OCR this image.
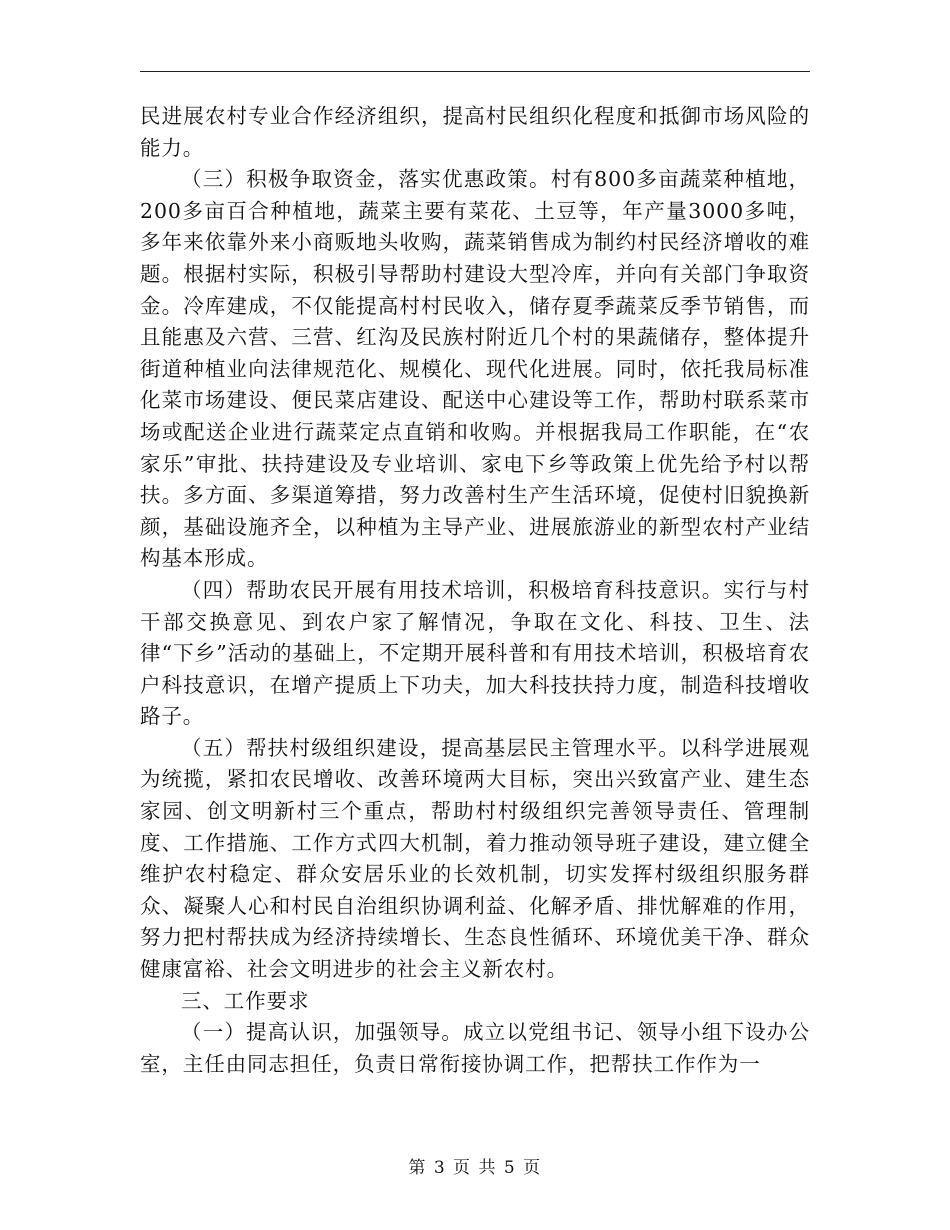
民进展农村专业合作经济组织，提高村民组织化程度和抵御市场风险的能力。

（三）积极争取资金，落实优惠政策。村有800多亩蔬菜种植地，200多亩百合种植地，蔬菜主要有菜花、土豆等，年产量3000多吨，多年来依靠外来小商贩地头收购，蔬菜销售成为制约村民经济增收的难题。根据村实际，积极引导帮助村建设大型冷库，并向有关部门争取资金。冷库建成，不仅能提高村村民收入，储存夏季蔬菜反季节销售，而且能惠及六营、三营、红沟及民族村附近几个村的果蔬储存，整体提升街道种植业向法律规范化、规模化、现代化进展。同时，依托我局标准化菜市场建设、便民菜店建设、配送中心建设等工作，帮助村联系菜市场或配送企业进行蔬菜定点直销和收购。并根据我局工作职能，在“农家乐”审批、扶持建设及专业培训、家电下乡等政策上优先给予村以帮扶。多方面、多渠道筹措，努力改善村生产生活环境，促使村旧貌换新颜，基础设施齐全，以种植为主导产业、进展旅游业的新型农村产业结构基本形成。

（四）帮助农民开展有用技术培训，积极培育科技意识。实行与村干部交换意见、到农户家了解情况，争取在文化、科技、卫生、法律“下乡”活动的基础上，不定期开展科普和有用技术培训，积极培育农户科技意识，在增产提质上下功夫，加大科技扶持力度，制造科技增收路子。

（五）帮扶村级组织建设，提高基层民主管理水平。以科学进展观为统揽，紧扣农民增收、改善环境两大目标，突出兴致富产业、建生态家园、创文明新村三个重点，帮助村村级组织完善领导责任、管理制度、工作措施、工作方式四大机制，着力推动领导班子建设，建立健全维护农村稳定、群众安居乐业的长效机制，切实发挥村级组织服务群众、凝聚人心和村民自治组织协调利益、化解矛盾、排忧解难的作用，努力把村帮扶成为经济持续增长、生态良性循环、环境优美干净、群众健康富裕、社会文明进步的社会主义新农村。

三、工作要求

（一）提高认识，加强领导。成立以党组书记、领导小组下设办公室，主任由同志担任，负责日常衔接协调工作，把帮扶工作作为一

第 3 页 共 5 页
